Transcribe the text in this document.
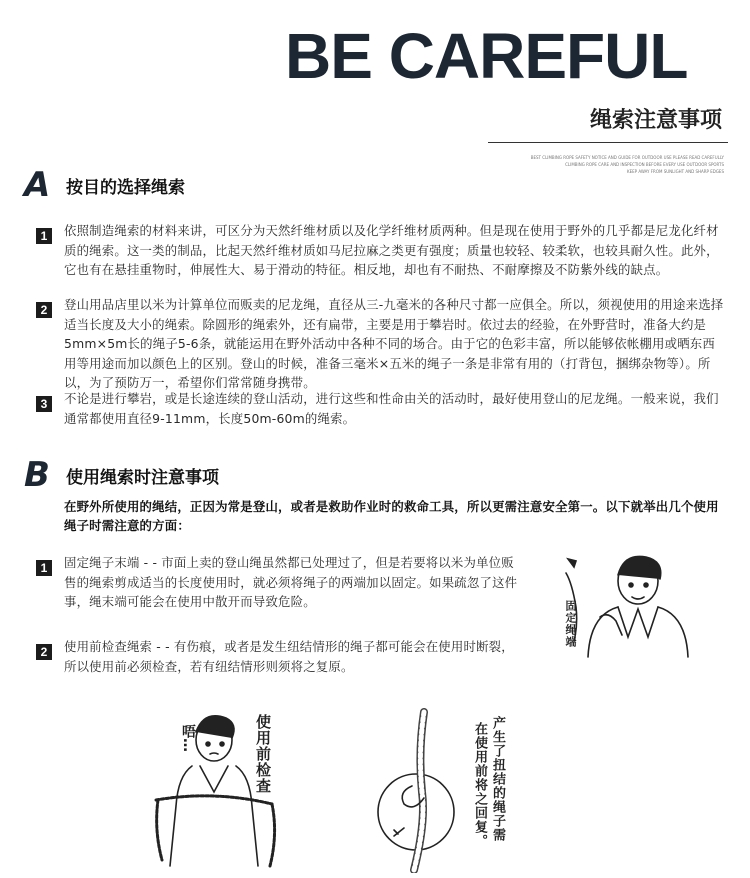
BE CAREFUL
绳索注意事项
BEST CLIMBING ROPE SAFETY NOTICE AND GUIDE FOR OUTDOOR USE PLEASE READ CAREFULLY
CLIMBING ROPE CARE AND INSPECTION BEFORE EVERY USE OUTDOOR SPORTS
KEEP AWAY FROM SUNLIGHT AND SHARP EDGES
A 按目的选择绳索
1	依照制造绳索的材料来讲，可区分为天然纤维材质以及化学纤维材质两种。但是现在使用于野外的几乎都是尼龙化纤材质的绳索。这一类的制品，比起天然纤维材质如马尼拉麻之类更有强度；质量也较轻、较柔软，也较具耐久性。此外，它也有在悬挂重物时，伸展性大、易于滑动的特征。相反地，却也有不耐热、不耐摩擦及不防紫外线的缺点。
2	登山用品店里以米为计算单位而贩卖的尼龙绳，直径从三-九毫米的各种尺寸都一应俱全。所以，须视使用的用途来选择适当长度及大小的绳索。除圆形的绳索外，还有扁带，主要是用于攀岩时。依过去的经验，在外野营时，准备大约是5mm×5m长的绳子5-6条，就能运用在野外活动中各种不同的场合。由于它的色彩丰富，所以能够依帐棚用或晒东西用等用途而加以颜色上的区别。登山的时候，准备三毫米×五米的绳子一条是非常有用的（打背包，捆绑杂物等）。所以，为了预防万一，希望你们常常随身携带。
3	不论是进行攀岩，或是长途连续的登山活动，进行这些和性命由关的活动时，最好使用登山的尼龙绳。一般来说，我们通常都使用直径9-11mm，长度50m-60m的绳索。
B 使用绳索时注意事项
在野外所使用的绳结，正因为常是登山，或者是救助作业时的救命工具，所以更需注意安全第一。以下就举出几个使用绳子时需注意的方面：
1	固定绳子末端 - - 市面上卖的登山绳虽然都已处理过了，但是若要将以米为单位贩售的绳索剪成适当的长度使用时，就必须将绳子的两端加以固定。如果疏忽了这件事，绳末端可能会在使用中散开而导致危险。
2	使用前检查绳索 - - 有伤痕，或者是发生纽结情形的绳子都可能会在使用时断裂，所以使用前必须检查，若有纽结情形则须将之复原。
固定绳端
唔…	使用前检查	产生了扭结的绳子需
在使用前将之回复。
